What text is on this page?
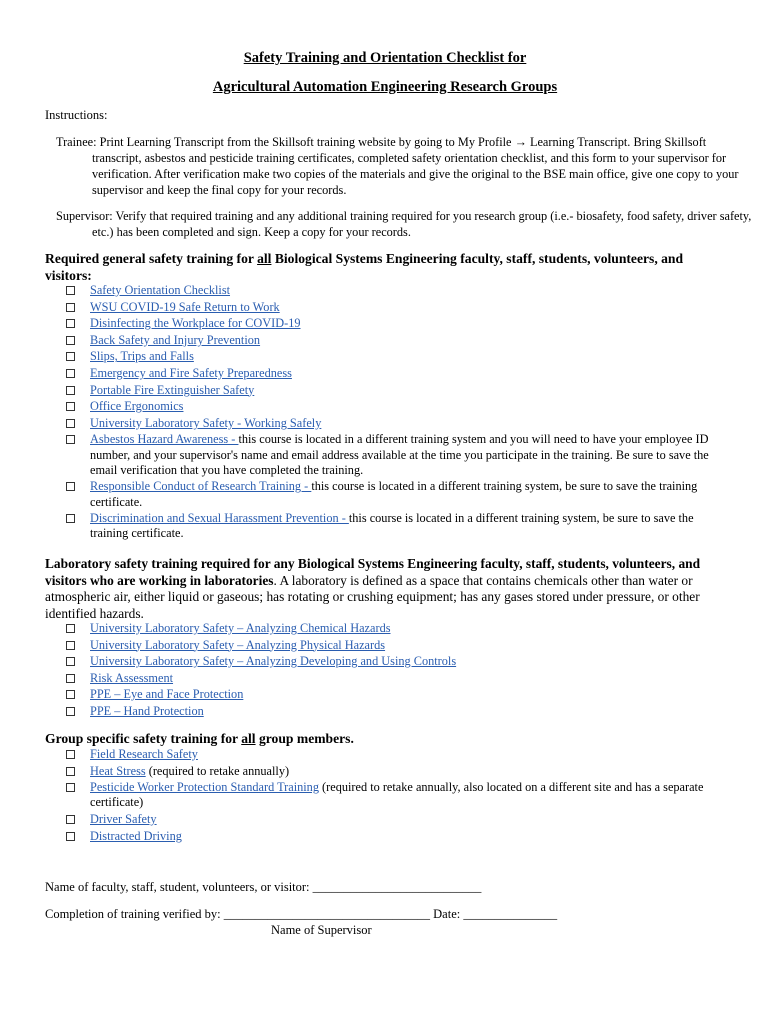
Safety Training and Orientation Checklist for
Agricultural Automation Engineering Research Groups
Instructions:
Trainee: Print Learning Transcript from the Skillsoft training website by going to My Profile → Learning Transcript. Bring Skillsoft transcript, asbestos and pesticide training certificates, completed safety orientation checklist, and this form to your supervisor for verification. After verification make two copies of the materials and give the original to the BSE main office, give one copy to your supervisor and keep the final copy for your records.
Supervisor: Verify that required training and any additional training required for you research group (i.e.- biosafety, food safety, driver safety, etc.) has been completed and sign. Keep a copy for your records.
Required general safety training for all Biological Systems Engineering faculty, staff, students, volunteers, and visitors:
Safety Orientation Checklist
WSU COVID-19 Safe Return to Work
Disinfecting the Workplace for COVID-19
Back Safety and Injury Prevention
Slips, Trips and Falls
Emergency and Fire Safety Preparedness
Portable Fire Extinguisher Safety
Office Ergonomics
University Laboratory Safety - Working Safely
Asbestos Hazard Awareness - this course is located in a different training system and you will need to have your employee ID number, and your supervisor's name and email address available at the time you participate in the training. Be sure to save the email verification that you have completed the training.
Responsible Conduct of Research Training - this course is located in a different training system, be sure to save the training certificate.
Discrimination and Sexual Harassment Prevention - this course is located in a different training system, be sure to save the training certificate.
Laboratory safety training required for any Biological Systems Engineering faculty, staff, students, volunteers, and visitors who are working in laboratories. A laboratory is defined as a space that contains chemicals other than water or atmospheric air, either liquid or gaseous; has rotating or crushing equipment; has any gases stored under pressure, or other identified hazards.
University Laboratory Safety – Analyzing Chemical Hazards
University Laboratory Safety – Analyzing Physical Hazards
University Laboratory Safety – Analyzing Developing and Using Controls
Risk Assessment
PPE – Eye and Face Protection
PPE – Hand Protection
Group specific safety training for all group members.
Field Research Safety
Heat Stress (required to retake annually)
Pesticide Worker Protection Standard Training (required to retake annually, also located on a different site and has a separate certificate)
Driver Safety
Distracted Driving
Name of faculty, staff, student, volunteers, or visitor: ___________________________
Completion of training verified by: _________________________________ Date: _______________
Name of Supervisor
